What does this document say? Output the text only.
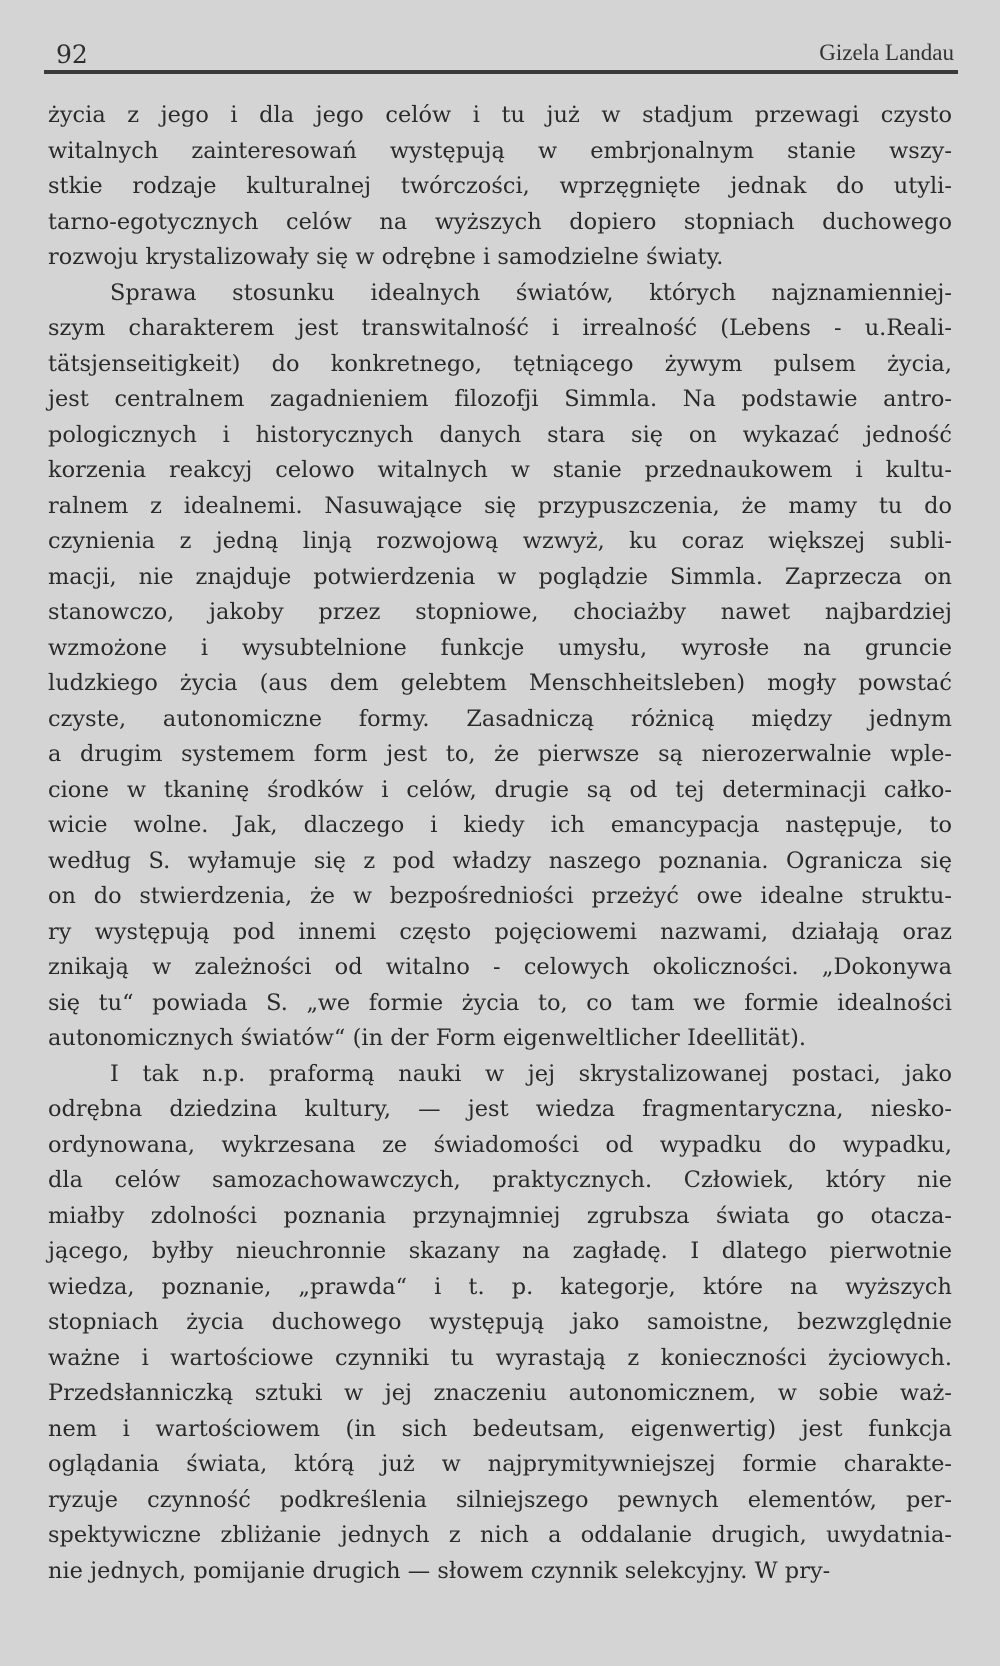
92	Gizela Landau
życia z jego i dla jego celów i tu już w stadjum przewagi czysto
witalnych zainteresowań występują w embrjonalnym stanie wszy-
stkie rodzaje kulturalnej twórczości, wprzęgnięte jednak do utyli-
tarno-egotycznych celów na wyższych dopiero stopniach duchowego
rozwoju krystalizowały się w odrębne i samodzielne światy.
Sprawa stosunku idealnych światów, których najznamienniej-
szym charakterem jest transwitalność i irrealność (Lebens - u.Reali-
tätsjenseitigkeit) do konkretnego, tętniącego żywym pulsem życia,
jest centralnem zagadnieniem filozofji Simmla. Na podstawie antro-
pologicznych i historycznych danych stara się on wykazać jedność
korzenia reakcyj celowo witalnych w stanie przednaukowem i kultu-
ralnem z idealnemi. Nasuwające się przypuszczenia, że mamy tu do
czynienia z jedną linją rozwojową wzwyż, ku coraz większej subli-
macji, nie znajduje potwierdzenia w poglądzie Simmla. Zaprzecza on
stanowczo, jakoby przez stopniowe, chociażby nawet najbardziej
wzmożone i wysubtelnione funkcje umysłu, wyrosłe na gruncie
ludzkiego życia (aus dem gelebtem Menschheitsleben) mogły powstać
czyste, autonomiczne formy. Zasadniczą różnicą między jednym
a drugim systemem form jest to, że pierwsze są nierozerwalnie wple-
cione w tkaninę środków i celów, drugie są od tej determinacji całko-
wicie wolne. Jak, dlaczego i kiedy ich emancypacja następuje, to
według S. wyłamuje się z pod władzy naszego poznania. Ogranicza się
on do stwierdzenia, że w bezpośredniości przeżyć owe idealne struktu-
ry występują pod innemi często pojęciowemi nazwami, działają oraz
znikają w zależności od witalno - celowych okoliczności. „Dokonywa
się tu“ powiada S. „we formie życia to, co tam we formie idealności
autonomicznych światów“ (in der Form eigenweltlicher Ideellität).
I tak n.p. praformą nauki w jej skrystalizowanej postaci, jako
odrębna dziedzina kultury, — jest wiedza fragmentaryczna, niesko-
ordynowana, wykrzesana ze świadomości od wypadku do wypadku,
dla celów samozachowawczych, praktycznych. Człowiek, który nie
miałby zdolności poznania przynajmniej zgrubsza świata go otacza-
jącego, byłby nieuchronnie skazany na zagładę. I dlatego pierwotnie
wiedza, poznanie, „prawda“ i t. p. kategorje, które na wyższych
stopniach życia duchowego występują jako samoistne, bezwzględnie
ważne i wartościowe czynniki tu wyrastają z konieczności życiowych.
Przedsłanniczką sztuki w jej znaczeniu autonomicznem, w sobie waż-
nem i wartościowem (in sich bedeutsam, eigenwertig) jest funkcja
oglądania świata, którą już w najprymitywniejszej formie charakte-
ryzuje czynność podkreślenia silniejszego pewnych elementów, per-
spektywiczne zbliżanie jednych z nich a oddalanie drugich, uwydatnia-
nie jednych, pomijanie drugich — słowem czynnik selekcyjny. W pry-
